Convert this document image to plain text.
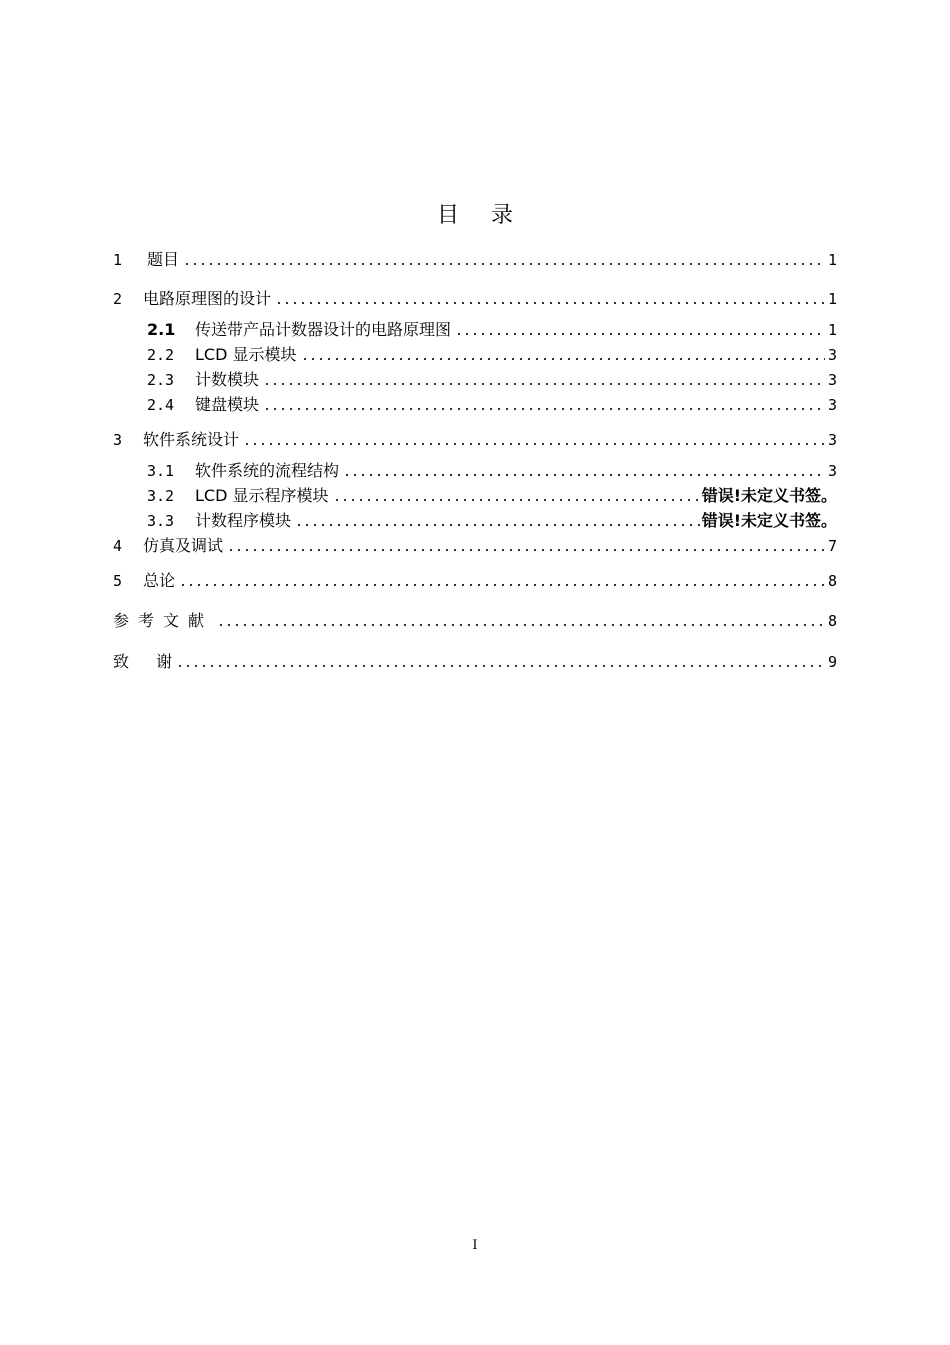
目 录
1	题目	1
2	电路原理图的设计	1
2.1	传送带产品计数器设计的电路原理图	1
2.2	LCD 显示模块	3
2.3	计数模块	3
2.4	键盘模块	3
3	软件系统设计	3
3.1	软件系统的流程结构	3
3.2	LCD 显示程序模块	错误!未定义书签。
3.3	计数程序模块	错误!未定义书签。
4	仿真及调试	7
5	总论	8
参考文献	8
致 谢	9
I
